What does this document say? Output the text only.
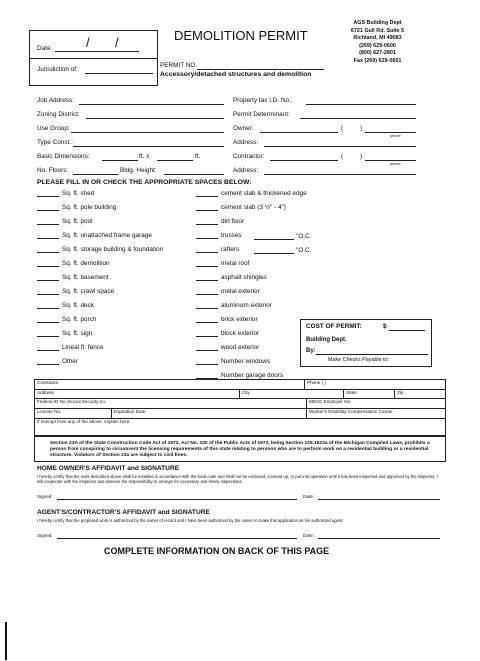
Date	/ /
Jurisdiction of:
DEMOLITION PERMIT
PERMIT NO.
Accessory/detached structures and demolition
AGS Building Dept
6721 Gull Rd. Suite 5
Richland, MI 49083
(269) 629-0600
(800) 627-2801
Fax (269) 629-0601
Job Address:
Zoning District:
Use Group:
Type Const.:
Basic Dimensions:	ft. x	ft.
No. Floors:	Bldg. Height:
Property tax I.D. No.:
Permit Determinant:
Owner:	(	)
phone
Address:
Contractor:	(	)
phone
Address:
PLEASE FILL IN OR CHECK THE APPROPRIATE SPACES BELOW:
Sq. ft. shed
Sq. ft. pole building
Sq. ft. pool
Sq. ft. unattached frame garage
Sq. ft. storage building & foundation
Sq. ft. demolition
Sq. ft. basement
Sq. ft. crawl space
Sq. ft. deck
Sq. ft. porch
Sq. ft. sign
Lineal ft. fence
Other
cement slab & thickened edge
cement slab (3 ½" - 4")
dirt floor
trusses
rafters
metal roof
asphalt shingles
metal exterior
aluminum exterior
brick exterior
block exterior
wood exterior
Number windows
Number garage doors
"O.C.
"O.C.
COST OF PERMIT:	$
Building Dept.
By:
Make Checks Payable to:
Contractor	Phone ( )
Address	City	State	Zip
Federal ID No./Social Security no.	MESC Employer No.
License No.	Expiration Date	Worker's Disability Compensation Carrier
If exempt from any of the above, explain here:
Section 23A of the State Construction Code Act of 1972, Act No. 230 of the Public Acts of 1972, being Section 125.1523a of the Michigan Compiled Laws, prohibits a person from conspiring to circumvent the licensing requirements of this state relating to persons who are to perform work on a residential building or a residential structure. Violators of Section 23a are subject to civil fines.
HOME OWNER'S AFFIDAVIT and SIGNATURE
I hereby certify that the work described above shall be installed in accordance with the local code and shall not be enclosed, covered up, or put into operation until it has been inspected and approved by the inspector. I will cooperate with the inspector and assume the responsibility to arrange for necessary and timely inspections.
Signed:	Date:
AGENT'S/CONTRACTOR'S AFFIDAVIT and SIGNATURE
I hereby certify that the proposed work is authorized by the owner of record and I have been authorized by the owner to make this application as his authorized agent.
Signed:	Date:
COMPLETE INFORMATION ON BACK OF THIS PAGE
